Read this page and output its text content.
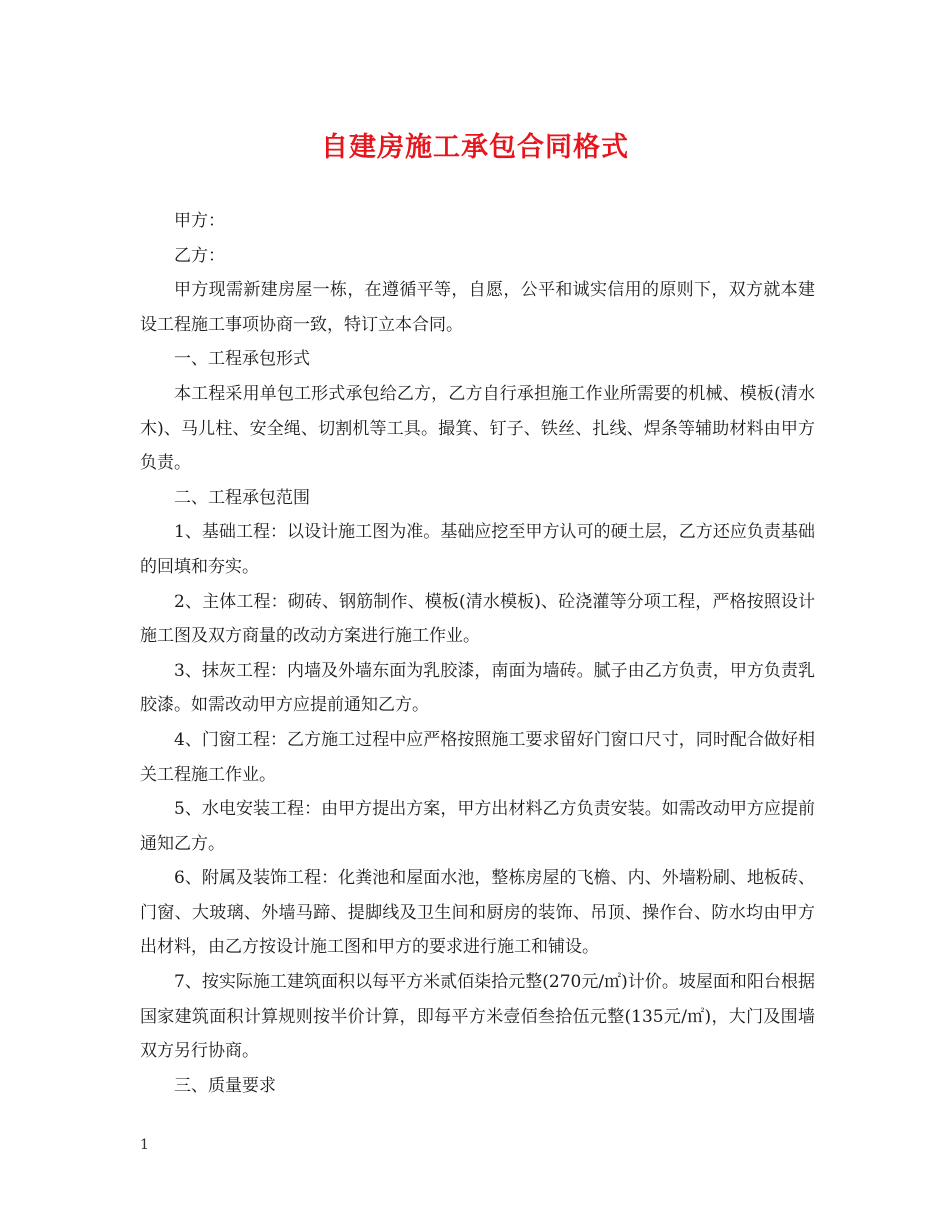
自建房施工承包合同格式

甲方：

乙方：

甲方现需新建房屋一栋，在遵循平等，自愿，公平和诚实信用的原则下，双方就本建设工程施工事项协商一致，特订立本合同。

一、工程承包形式

本工程采用单包工形式承包给乙方，乙方自行承担施工作业所需要的机械、模板(清水木)、马儿柱、安全绳、切割机等工具。撮箕、钉子、铁丝、扎线、焊条等辅助材料由甲方负责。

二、工程承包范围

1、基础工程：以设计施工图为准。基础应挖至甲方认可的硬土层，乙方还应负责基础的回填和夯实。

2、主体工程：砌砖、钢筋制作、模板(清水模板)、砼浇灌等分项工程，严格按照设计施工图及双方商量的改动方案进行施工作业。

3、抹灰工程：内墙及外墙东面为乳胶漆，南面为墙砖。腻子由乙方负责，甲方负责乳胶漆。如需改动甲方应提前通知乙方。

4、门窗工程：乙方施工过程中应严格按照施工要求留好门窗口尺寸，同时配合做好相关工程施工作业。

5、水电安装工程：由甲方提出方案，甲方出材料乙方负责安装。如需改动甲方应提前通知乙方。

6、附属及装饰工程：化粪池和屋面水池，整栋房屋的飞檐、内、外墙粉刷、地板砖、门窗、大玻璃、外墙马蹄、提脚线及卫生间和厨房的装饰、吊顶、操作台、防水均由甲方出材料，由乙方按设计施工图和甲方的要求进行施工和铺设。

7、按实际施工建筑面积以每平方米贰佰柒拾元整(270元/㎡)计价。坡屋面和阳台根据国家建筑面积计算规则按半价计算，即每平方米壹佰叁拾伍元整(135元/㎡)，大门及围墙双方另行协商。

三、质量要求

1
